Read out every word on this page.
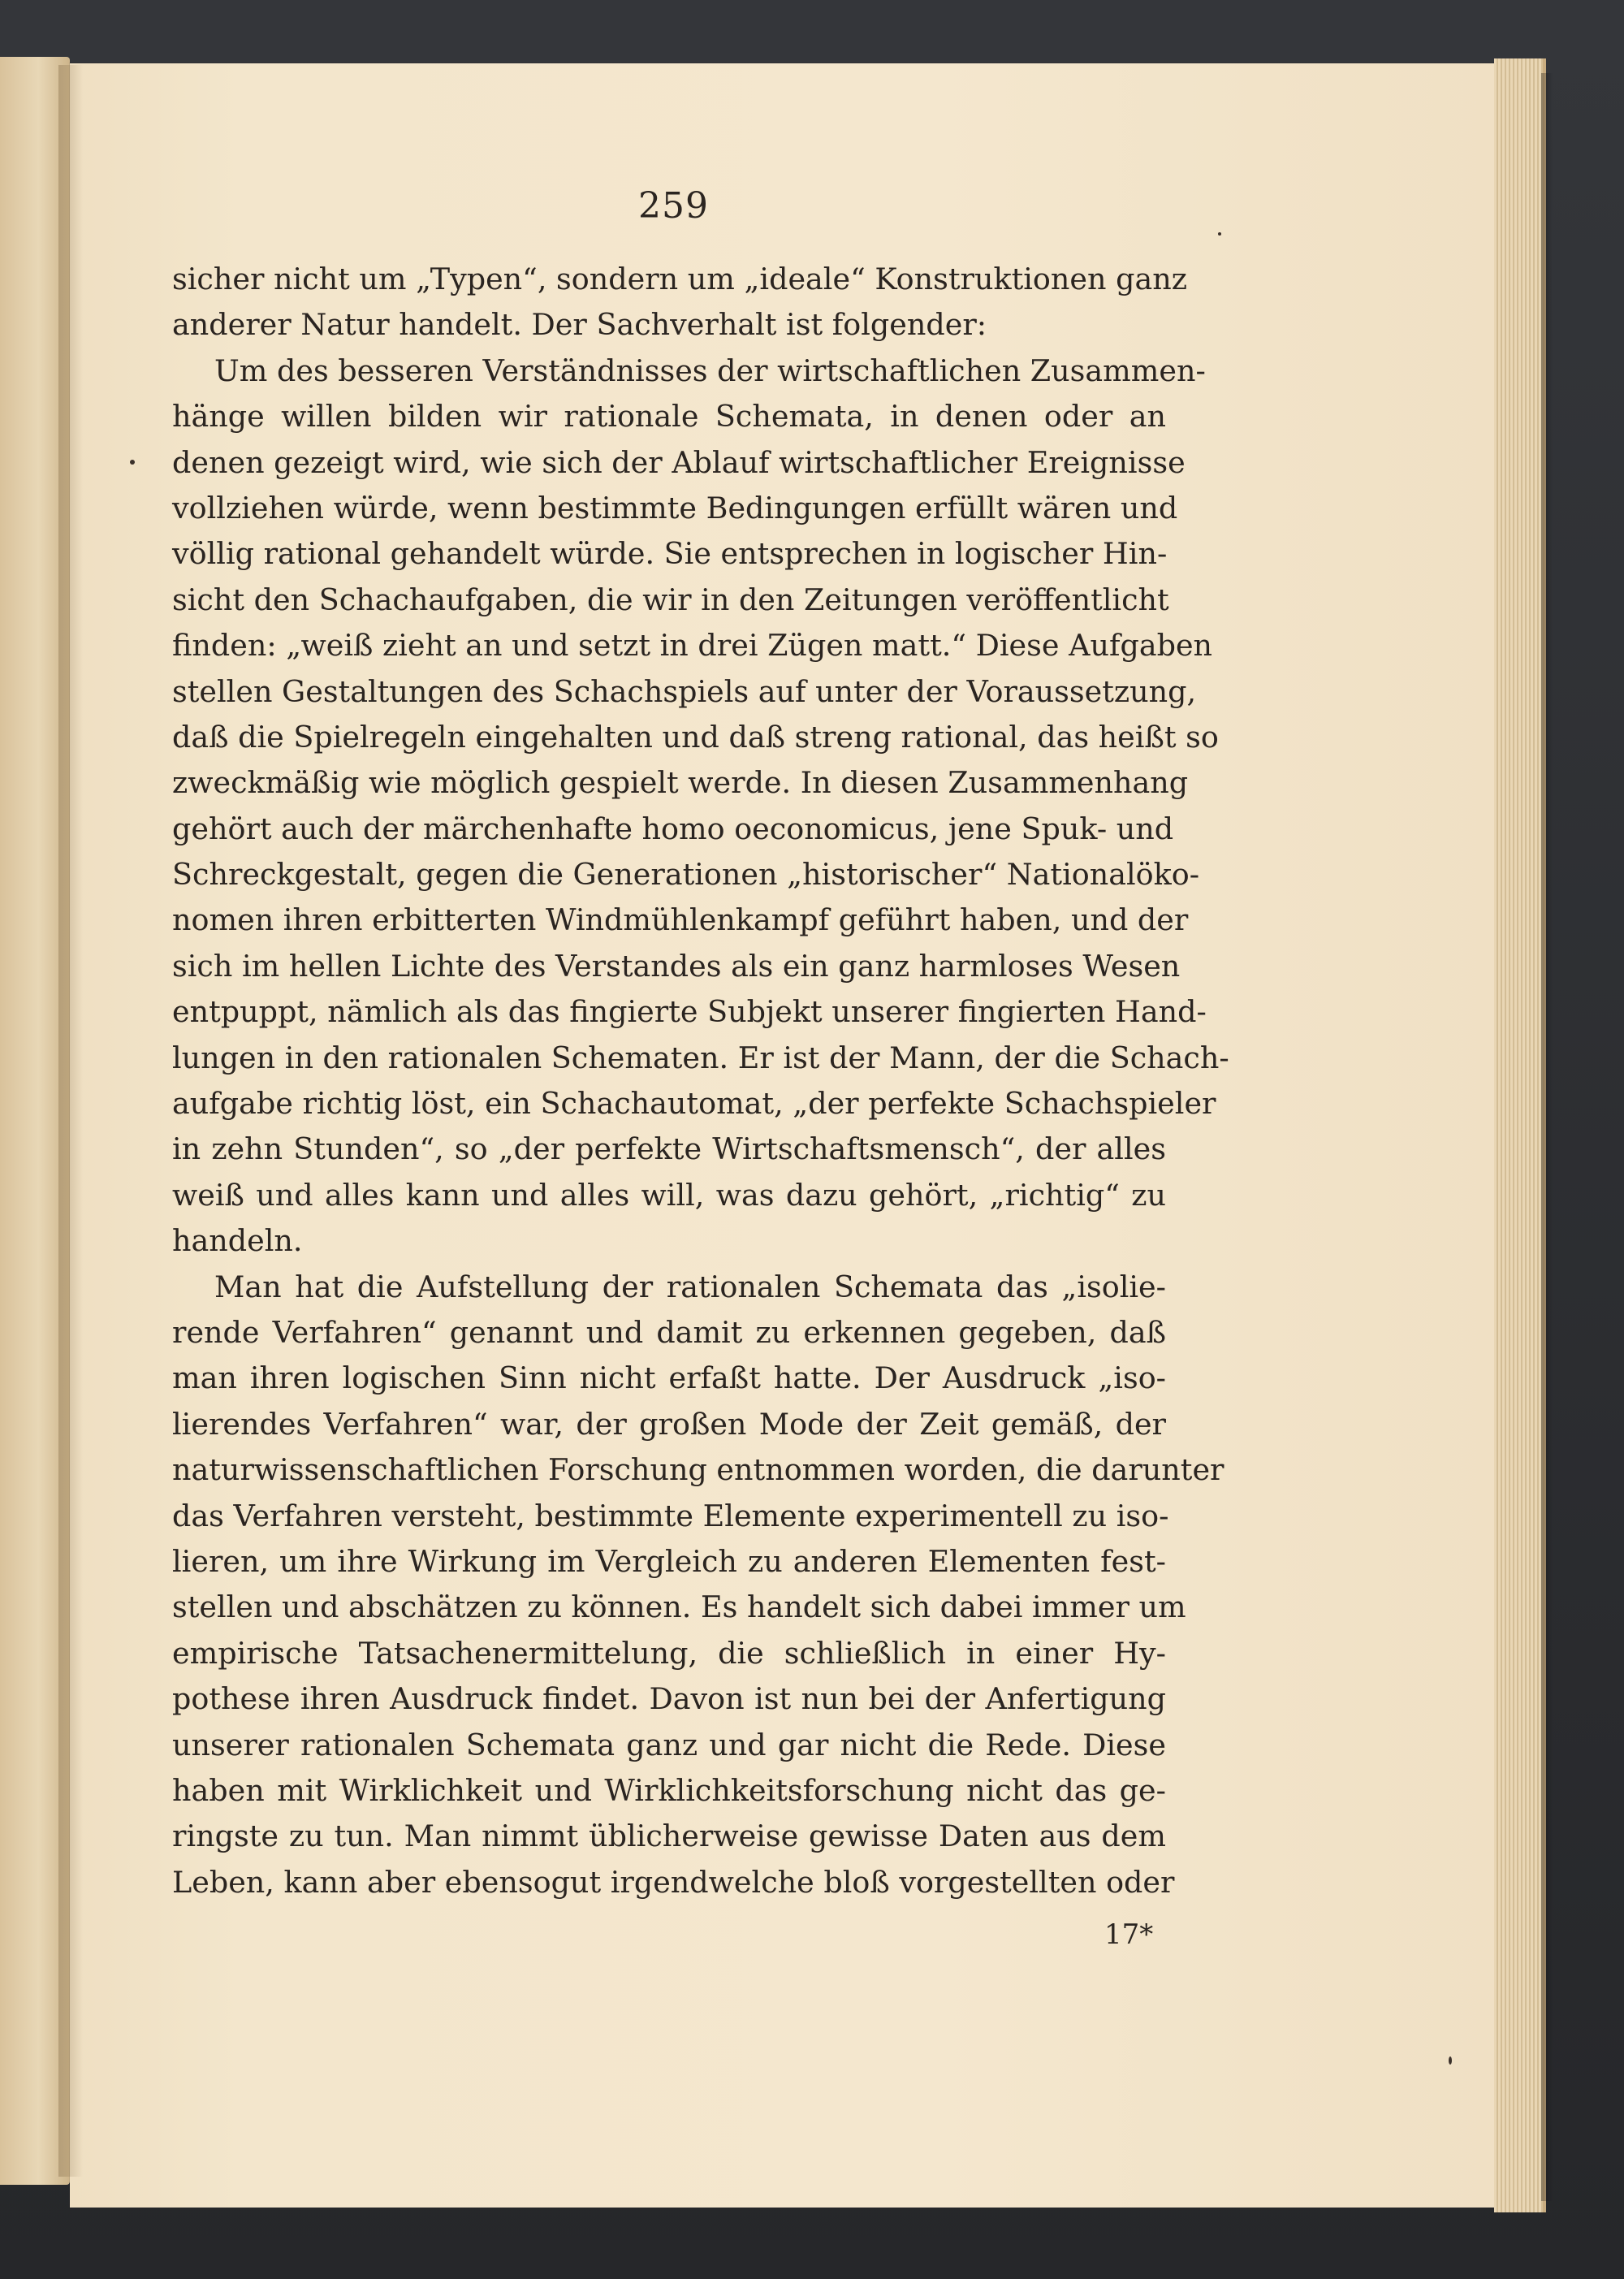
259
sicher nicht um „Typen“, sondern um „ideale“ Konstruktionen ganz
anderer Natur handelt. Der Sachverhalt ist folgender:
Um des besseren Verständnisses der wirtschaftlichen Zusammen-
hänge willen bilden wir rationale Schemata, in denen oder an
denen gezeigt wird, wie sich der Ablauf wirtschaftlicher Ereignisse
vollziehen würde, wenn bestimmte Bedingungen erfüllt wären und
völlig rational gehandelt würde. Sie entsprechen in logischer Hin-
sicht den Schachaufgaben, die wir in den Zeitungen veröffentlicht
finden: „weiß zieht an und setzt in drei Zügen matt.“ Diese Aufgaben
stellen Gestaltungen des Schachspiels auf unter der Voraussetzung,
daß die Spielregeln eingehalten und daß streng rational, das heißt so
zweckmäßig wie möglich gespielt werde. In diesen Zusammenhang
gehört auch der märchenhafte homo oeconomicus, jene Spuk- und
Schreckgestalt, gegen die Generationen „historischer“ Nationalöko-
nomen ihren erbitterten Windmühlenkampf geführt haben, und der
sich im hellen Lichte des Verstandes als ein ganz harmloses Wesen
entpuppt, nämlich als das fingierte Subjekt unserer fingierten Hand-
lungen in den rationalen Schematen. Er ist der Mann, der die Schach-
aufgabe richtig löst, ein Schachautomat, „der perfekte Schachspieler
in zehn Stunden“, so „der perfekte Wirtschaftsmensch“, der alles
weiß und alles kann und alles will, was dazu gehört, „richtig“ zu
handeln.
Man hat die Aufstellung der rationalen Schemata das „isolie-
rende Verfahren“ genannt und damit zu erkennen gegeben, daß
man ihren logischen Sinn nicht erfaßt hatte. Der Ausdruck „iso-
lierendes Verfahren“ war, der großen Mode der Zeit gemäß, der
naturwissenschaftlichen Forschung entnommen worden, die darunter
das Verfahren versteht, bestimmte Elemente experimentell zu iso-
lieren, um ihre Wirkung im Vergleich zu anderen Elementen fest-
stellen und abschätzen zu können. Es handelt sich dabei immer um
empirische Tatsachenermittelung, die schließlich in einer Hy-
pothese ihren Ausdruck findet. Davon ist nun bei der Anfertigung
unserer rationalen Schemata ganz und gar nicht die Rede. Diese
haben mit Wirklichkeit und Wirklichkeitsforschung nicht das ge-
ringste zu tun. Man nimmt üblicherweise gewisse Daten aus dem
Leben, kann aber ebensogut irgendwelche bloß vorgestellten oder
17*
